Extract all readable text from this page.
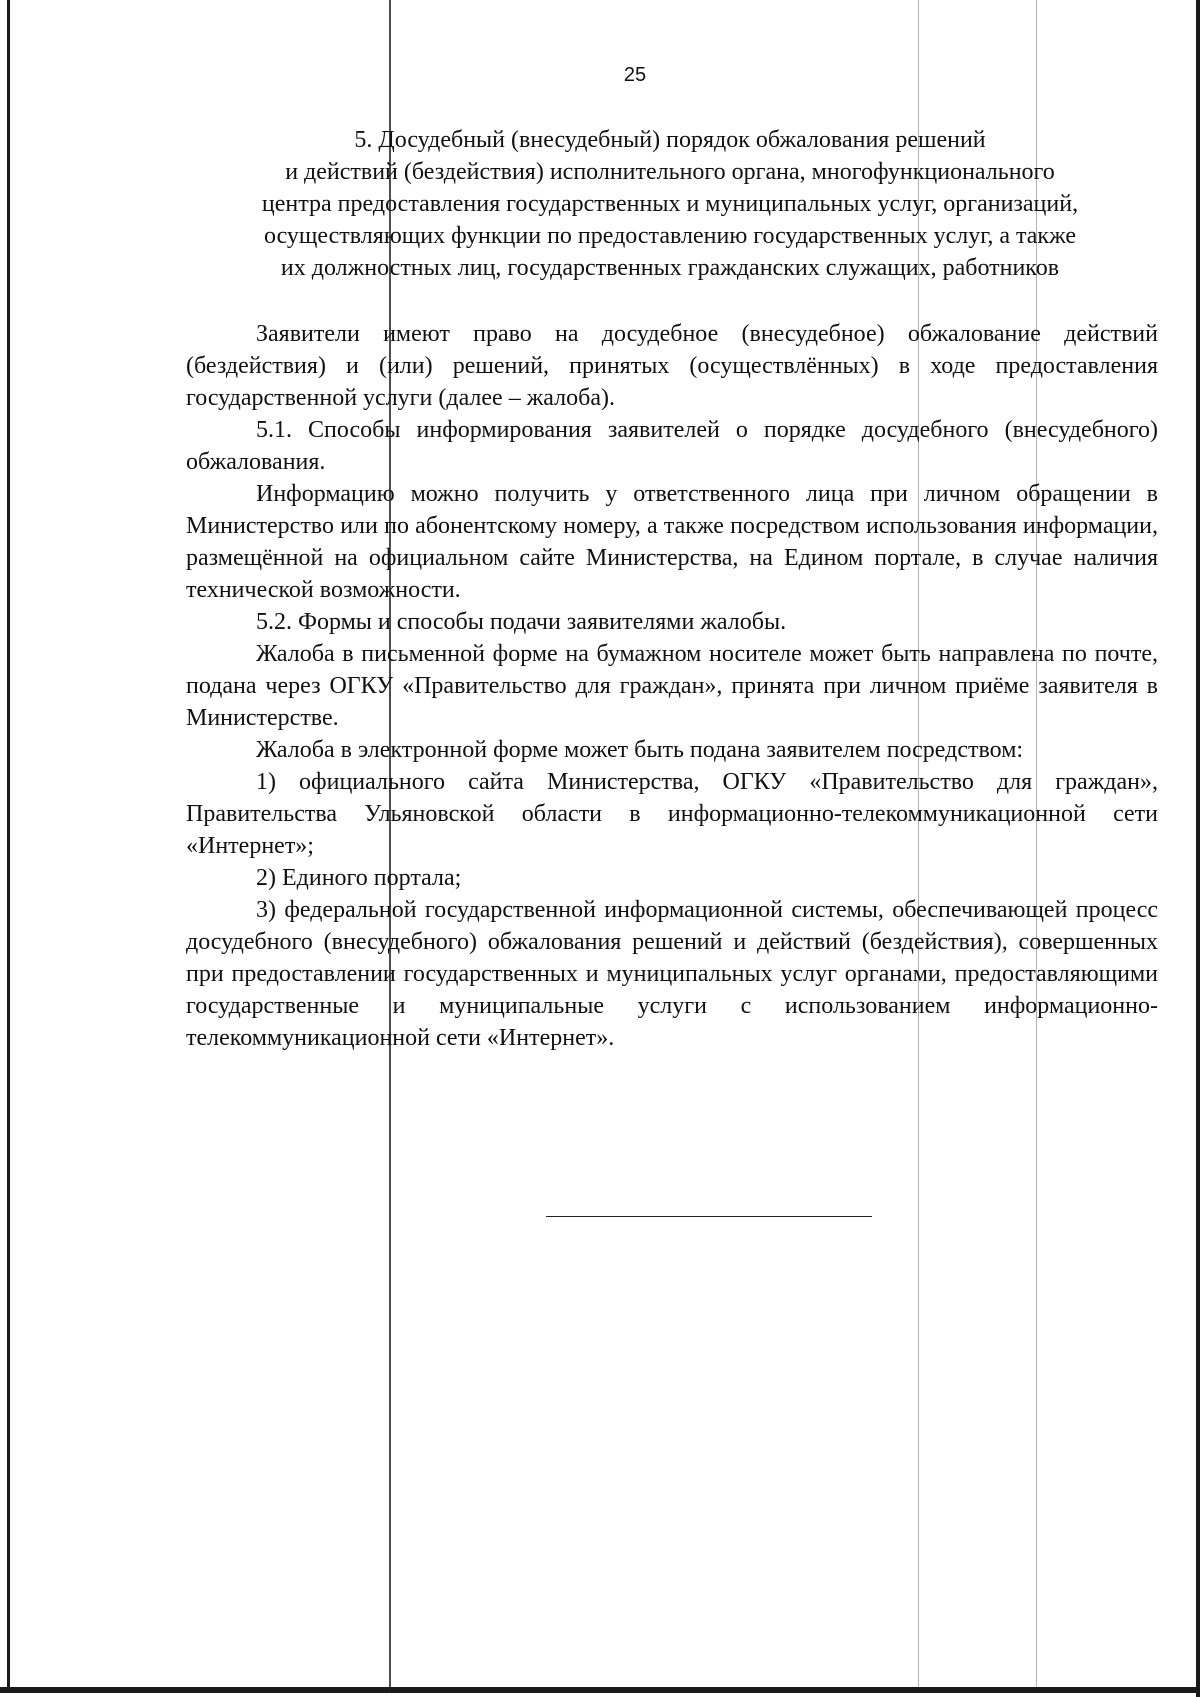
25
5. Досудебный (внесудебный) порядок обжалования решений
и действий (бездействия) исполнительного органа, многофункционального
центра предоставления государственных и муниципальных услуг, организаций,
осуществляющих функции по предоставлению государственных услуг, а также
их должностных лиц, государственных гражданских служащих, работников

Заявители имеют право на досудебное (внесудебное) обжалование действий (бездействия) и (или) решений, принятых (осуществлённых) в ходе предоставления государственной услуги (далее – жалоба).

5.1. Способы информирования заявителей о порядке досудебного (внесудебного) обжалования.

Информацию можно получить у ответственного лица при личном обращении в Министерство или по абонентскому номеру, а также посредством использования информации, размещённой на официальном сайте Министерства, на Едином портале, в случае наличия технической возможности.

5.2. Формы и способы подачи заявителями жалобы.

Жалоба в письменной форме на бумажном носителе может быть направлена по почте, подана через ОГКУ «Правительство для граждан», принята при личном приёме заявителя в Министерстве.

Жалоба в электронной форме может быть подана заявителем посредством:

1) официального сайта Министерства, ОГКУ «Правительство для граждан», Правительства Ульяновской области в информационно-телекоммуникационной сети «Интернет»;

2) Единого портала;

3) федеральной государственной информационной системы, обеспечивающей процесс досудебного (внесудебного) обжалования решений и действий (бездействия), совершенных при предоставлении государственных и муниципальных услуг органами, предоставляющими государственные и муниципальные услуги с использованием информационно-телекоммуникационной сети «Интернет».
